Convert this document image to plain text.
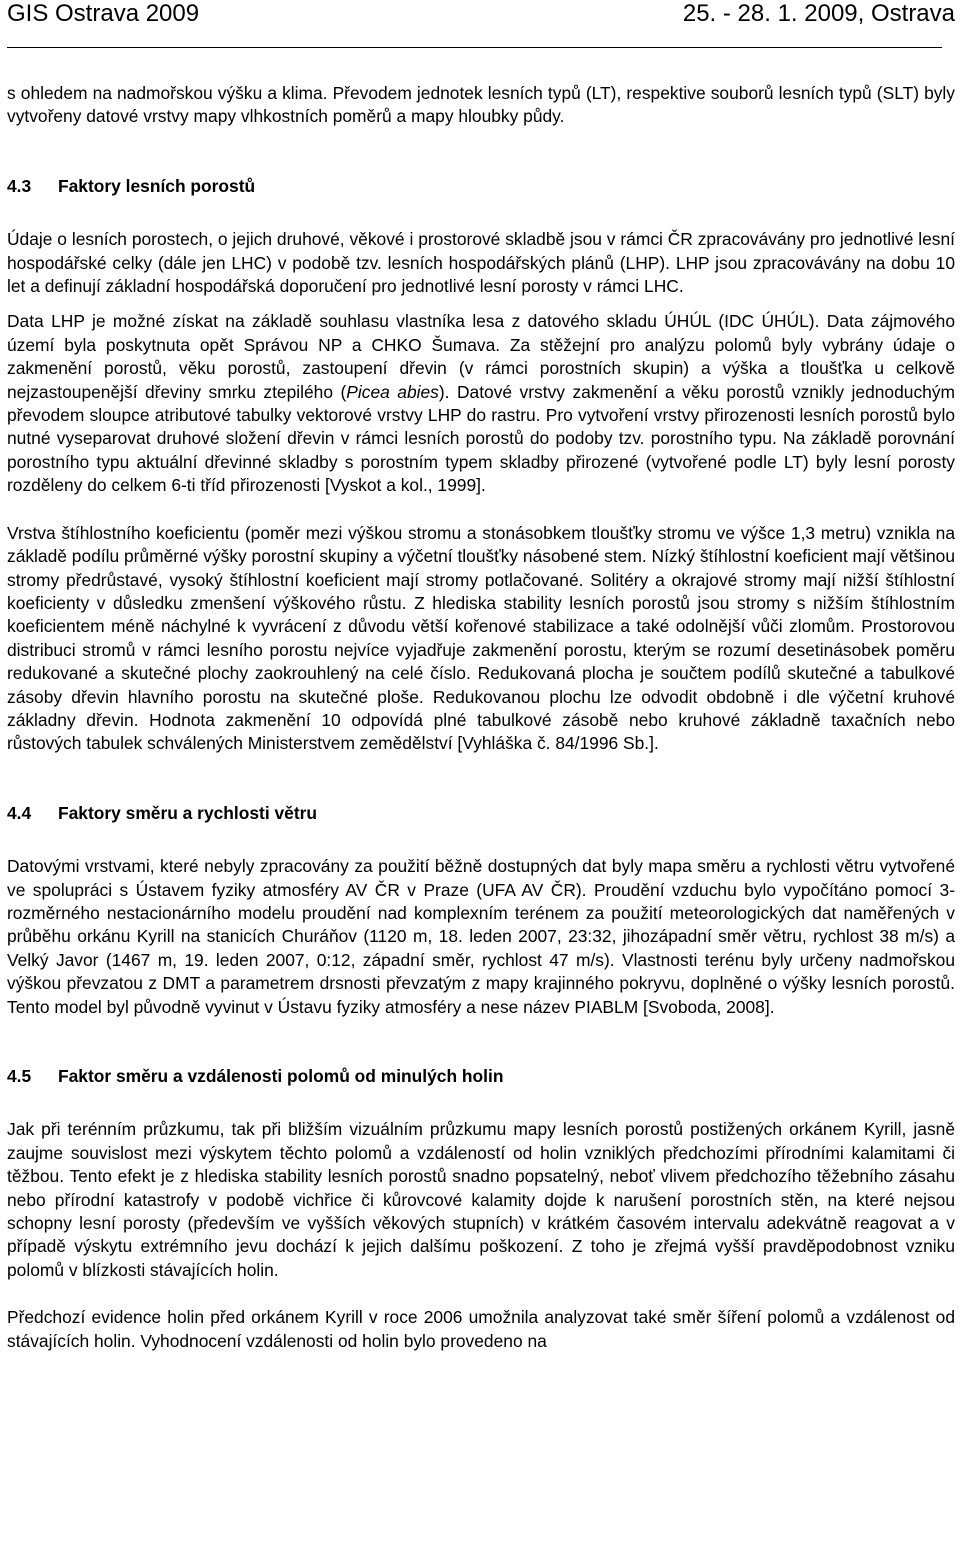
GIS Ostrava 2009	25. - 28. 1. 2009, Ostrava

s ohledem na nadmořskou výšku a klima. Převodem jednotek lesních typů (LT), respektive souborů lesních typů (SLT) byly vytvořeny datové vrstvy mapy vlhkostních poměrů a mapy hloubky půdy.

4.3 Faktory lesních porostů

Údaje o lesních porostech, o jejich druhové, věkové i prostorové skladbě jsou v rámci ČR zpracovávány pro jednotlivé lesní hospodářské celky (dále jen LHC) v podobě tzv. lesních hospodářských plánů (LHP). LHP jsou zpracovávány na dobu 10 let a definují základní hospodářská doporučení pro jednotlivé lesní porosty v rámci LHC.

Data LHP je možné získat na základě souhlasu vlastníka lesa z datového skladu ÚHÚL (IDC ÚHÚL). Data zájmového území byla poskytnuta opět Správou NP a CHKO Šumava. Za stěžejní pro analýzu polomů byly vybrány údaje o zakmenění porostů, věku porostů, zastoupení dřevin (v rámci porostních skupin) a výška a tloušťka u celkově nejzastoupenější dřeviny smrku ztepilého (Picea abies). Datové vrstvy zakmenění a věku porostů vznikly jednoduchým převodem sloupce atributové tabulky vektorové vrstvy LHP do rastru. Pro vytvoření vrstvy přirozenosti lesních porostů bylo nutné vyseparovat druhové složení dřevin v rámci lesních porostů do podoby tzv. porostního typu. Na základě porovnání porostního typu aktuální dřevinné skladby s porostním typem skladby přirozené (vytvořené podle LT) byly lesní porosty rozděleny do celkem 6-ti tříd přirozenosti [Vyskot a kol., 1999].

Vrstva štíhlostního koeficientu (poměr mezi výškou stromu a stonásobkem tloušťky stromu ve výšce 1,3 metru) vznikla na základě podílu průměrné výšky porostní skupiny a výčetní tloušťky násobené stem. Nízký štíhlostní koeficient mají většinou stromy předrůstavé, vysoký štíhlostní koeficient mají stromy potlačované. Solitéry a okrajové stromy mají nižší štíhlostní koeficienty v důsledku zmenšení výškového růstu. Z hlediska stability lesních porostů jsou stromy s nižším štíhlostním koeficientem méně náchylné k vyvrácení z důvodu větší kořenové stabilizace a také odolnější vůči zlomům. Prostorovou distribuci stromů v rámci lesního porostu nejvíce vyjadřuje zakmenění porostu, kterým se rozumí desetinásobek poměru redukované a skutečné plochy zaokrouhlený na celé číslo. Redukovaná plocha je součtem podílů skutečné a tabulkové zásoby dřevin hlavního porostu na skutečné ploše. Redukovanou plochu lze odvodit obdobně i dle výčetní kruhové základny dřevin. Hodnota zakmenění 10 odpovídá plné tabulkové zásobě nebo kruhové základně taxačních nebo růstových tabulek schválených Ministerstvem zemědělství [Vyhláška č. 84/1996 Sb.].

4.4 Faktory směru a rychlosti větru

Datovými vrstvami, které nebyly zpracovány za použití běžně dostupných dat byly mapa směru a rychlosti větru vytvořené ve spolupráci s Ústavem fyziky atmosféry AV ČR v Praze (UFA AV ČR). Proudění vzduchu bylo vypočítáno pomocí 3-rozměrného nestacionárního modelu proudění nad komplexním terénem za použití meteorologických dat naměřených v průběhu orkánu Kyrill na stanicích Churáňov (1120 m, 18. leden 2007, 23:32, jihozápadní směr větru, rychlost 38 m/s) a Velký Javor (1467 m, 19. leden 2007, 0:12, západní směr, rychlost 47 m/s). Vlastnosti terénu byly určeny nadmořskou výškou převzatou z DMT a parametrem drsnosti převzatým z mapy krajinného pokryvu, doplněné o výšky lesních porostů. Tento model byl původně vyvinut v Ústavu fyziky atmosféry a nese název PIABLM [Svoboda, 2008].

4.5 Faktor směru a vzdálenosti polomů od minulých holin

Jak při terénním průzkumu, tak při bližším vizuálním průzkumu mapy lesních porostů postižených orkánem Kyrill, jasně zaujme souvislost mezi výskytem těchto polomů a vzdáleností od holin vzniklých předchozími přírodními kalamitami či těžbou. Tento efekt je z hlediska stability lesních porostů snadno popsatelný, neboť vlivem předchozího těžebního zásahu nebo přírodní katastrofy v podobě vichřice či kůrovcové kalamity dojde k narušení porostních stěn, na které nejsou schopny lesní porosty (především ve vyšších věkových stupních) v krátkém časovém intervalu adekvátně reagovat a v případě výskytu extrémního jevu dochází k jejich dalšímu poškození. Z toho je zřejmá vyšší pravděpodobnost vzniku polomů v blízkosti stávajících holin.

Předchozí evidence holin před orkánem Kyrill v roce 2006 umožnila analyzovat také směr šíření polomů a vzdálenost od stávajících holin. Vyhodnocení vzdálenosti od holin bylo provedeno na
